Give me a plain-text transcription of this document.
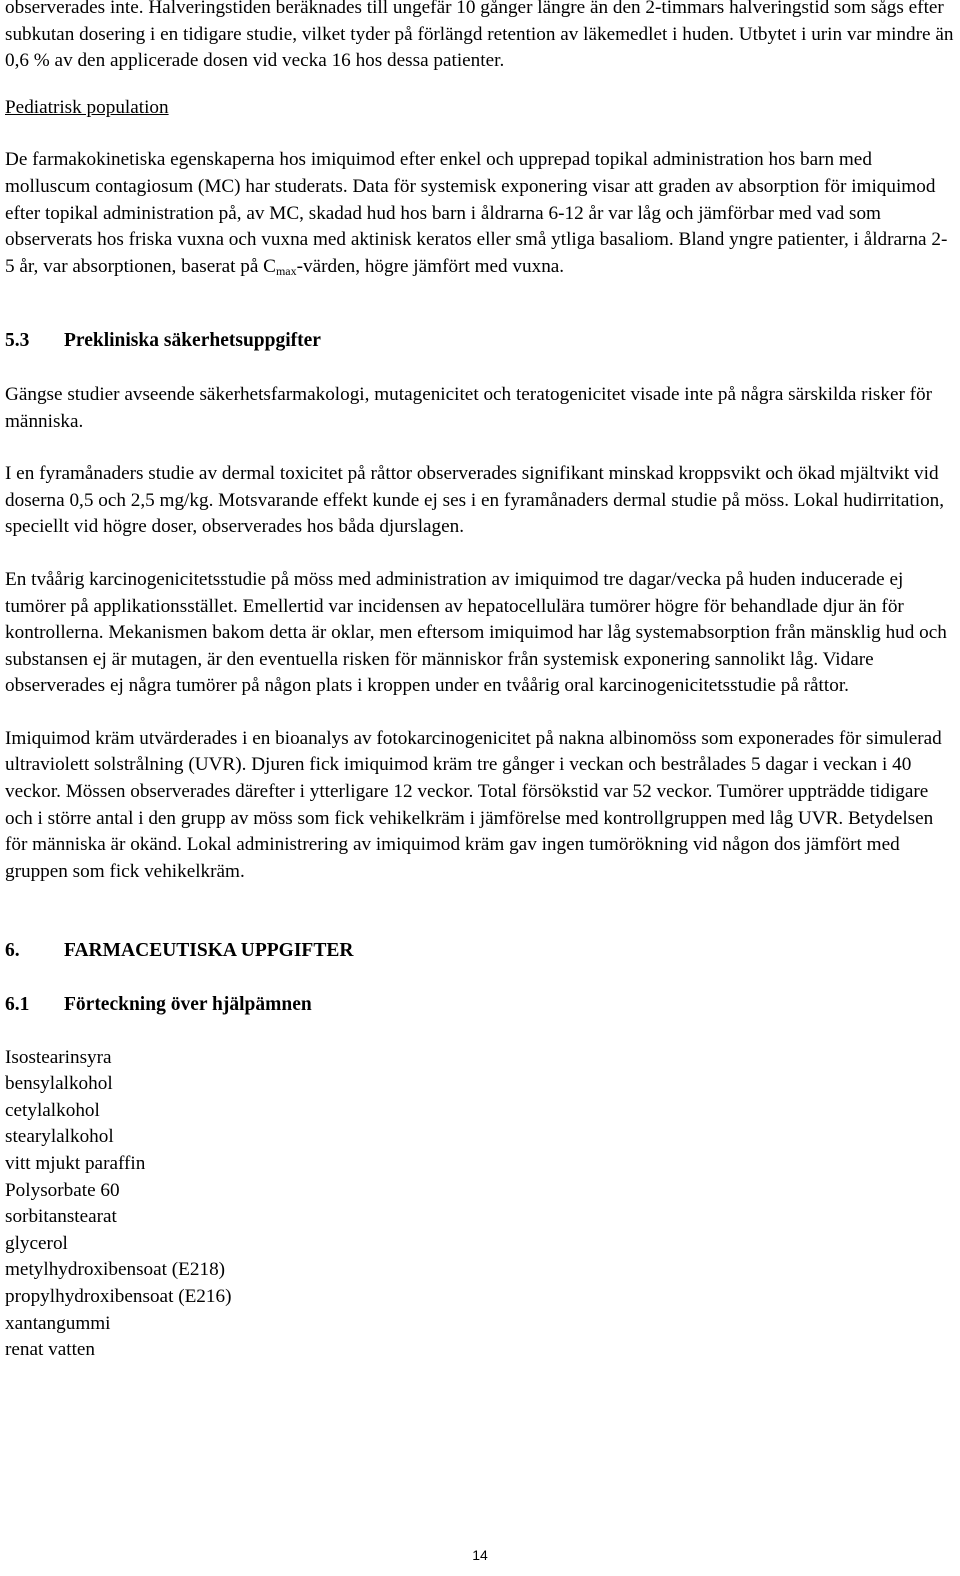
observerades inte. Halveringstiden beräknades till ungefär 10 gånger längre än den 2-timmars halveringstid som sågs efter subkutan dosering i en tidigare studie, vilket tyder på förlängd retention av läkemedlet i huden. Utbytet i urin var mindre än 0,6 % av den applicerade dosen vid vecka 16 hos dessa patienter.

Pediatrisk population

De farmakokinetiska egenskaperna hos imiquimod efter enkel och upprepad topikal administration hos barn med molluscum contagiosum (MC) har studerats. Data för systemisk exponering visar att graden av absorption för imiquimod efter topikal administration på, av MC, skadad hud hos barn i åldrarna 6-12 år var låg och jämförbar med vad som observerats hos friska vuxna och vuxna med aktinisk keratos eller små ytliga basaliom. Bland yngre patienter, i åldrarna 2-5 år, var absorptionen, baserat på $C_{max}$-värden, högre jämfört med vuxna.

5.3 Prekliniska säkerhetsuppgifter

Gängse studier avseende säkerhetsfarmakologi, mutagenicitet och teratogenicitet visade inte på några särskilda risker för människa.

I en fyramånaders studie av dermal toxicitet på råttor observerades signifikant minskad kroppsvikt och ökad mjältvikt vid doserna 0,5 och 2,5 mg/kg. Motsvarande effekt kunde ej ses i en fyramånaders dermal studie på möss. Lokal hudirritation, speciellt vid högre doser, observerades hos båda djurslagen.

En tvåårig karcinogenicitetsstudie på möss med administration av imiquimod tre dagar/vecka på huden inducerade ej tumörer på applikationsstället. Emellertid var incidensen av hepatocellulära tumörer högre för behandlade djur än för kontrollerna. Mekanismen bakom detta är oklar, men eftersom imiquimod har låg systemabsorption från mänsklig hud och substansen ej är mutagen, är den eventuella risken för människor från systemisk exponering sannolikt låg. Vidare observerades ej några tumörer på någon plats i kroppen under en tvåårig oral karcinogenicitetsstudie på råttor.

Imiquimod kräm utvärderades i en bioanalys av fotokarcinogenicitet på nakna albinomöss som exponerades för simulerad ultraviolett solstrålning (UVR). Djuren fick imiquimod kräm tre gånger i veckan och bestrålades 5 dagar i veckan i 40 veckor. Mössen observerades därefter i ytterligare 12 veckor. Total försökstid var 52 veckor. Tumörer uppträdde tidigare och i större antal i den grupp av möss som fick vehikelkräm i jämförelse med kontrollgruppen med låg UVR. Betydelsen för människa är okänd. Lokal administrering av imiquimod kräm gav ingen tumörökning vid någon dos jämfört med gruppen som fick vehikelkräm.

6. FARMACEUTISKA UPPGIFTER
6.1 Förteckning över hjälpämnen
Isostearinsyra
bensylalkohol
cetylalkohol
stearylalkohol
vitt mjukt paraffin
Polysorbate 60
sorbitanstearat
glycerol
metylhydroxibensoat (E218)
propylhydroxibensoat (E216)
xantangummi
renat vatten
14
